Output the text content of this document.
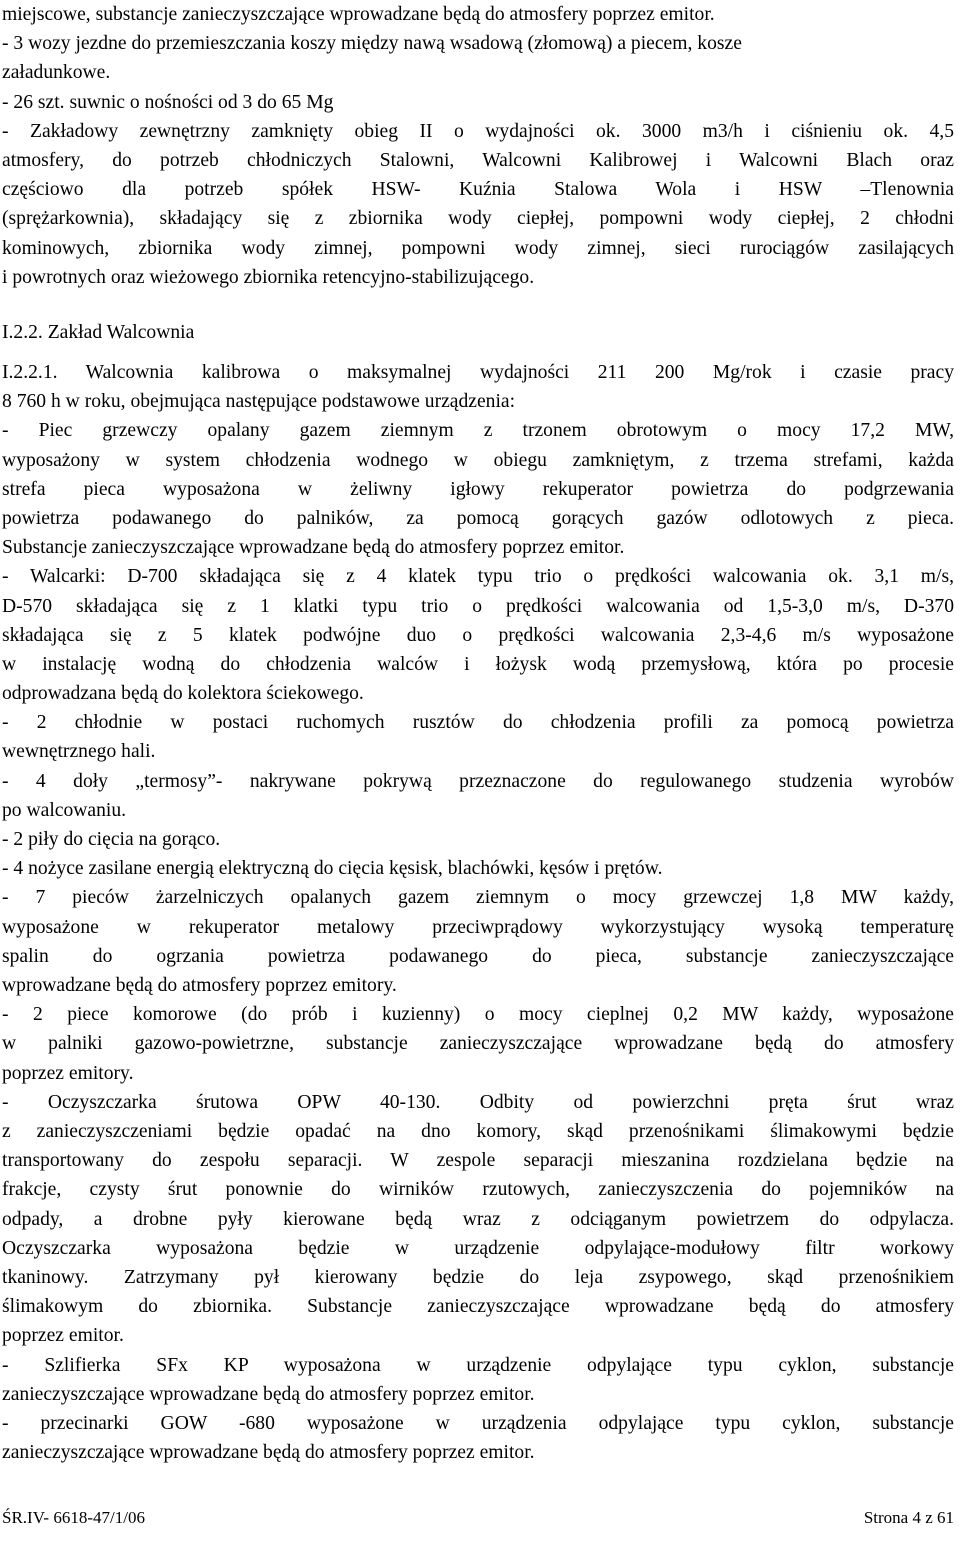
miejscowe, substancje zanieczyszczające wprowadzane będą do atmosfery poprzez emitor.
- 3 wozy jezdne do przemieszczania koszy między nawą wsadową (złomową) a piecem, kosze
załadunkowe.
- 26 szt. suwnic o nośności od 3 do 65 Mg
- Zakładowy zewnętrzny zamknięty obieg II o wydajności ok. 3000 m3/h i ciśnieniu ok. 4,5
atmosfery, do potrzeb chłodniczych Stalowni, Walcowni Kalibrowej i Walcowni Blach oraz
częściowo dla potrzeb spółek HSW- Kuźnia Stalowa Wola i HSW –Tlenownia
(sprężarkownia), składający się z zbiornika wody ciepłej, pompowni wody ciepłej, 2 chłodni
kominowych, zbiornika wody zimnej, pompowni wody zimnej, sieci rurociągów zasilających
i powrotnych oraz wieżowego zbiornika retencyjno-stabilizującego.
I.2.2. Zakład Walcownia
I.2.2.1. Walcownia kalibrowa o maksymalnej wydajności 211 200 Mg/rok i czasie pracy
8 760 h w roku, obejmująca następujące podstawowe urządzenia:
- Piec grzewczy opalany gazem ziemnym z trzonem obrotowym o mocy 17,2 MW,
wyposażony w system chłodzenia wodnego w obiegu zamkniętym, z trzema strefami, każda
strefa pieca wyposażona w żeliwny igłowy rekuperator powietrza do podgrzewania
powietrza podawanego do palników, za pomocą gorących gazów odlotowych z pieca.
Substancje zanieczyszczające wprowadzane będą do atmosfery poprzez emitor.
- Walcarki: D-700 składająca się z 4 klatek typu trio o prędkości walcowania ok. 3,1 m/s,
D-570 składająca się z 1 klatki typu trio o prędkości walcowania od 1,5-3,0 m/s, D-370
składająca się z 5 klatek podwójne duo o prędkości walcowania 2,3-4,6 m/s wyposażone
w instalację wodną do chłodzenia walców i łożysk wodą przemysłową, która po procesie
odprowadzana będą do kolektora ściekowego.
- 2 chłodnie w postaci ruchomych rusztów do chłodzenia profili za pomocą powietrza
wewnętrznego hali.
- 4 doły „termosy”- nakrywane pokrywą przeznaczone do regulowanego studzenia wyrobów
po walcowaniu.
- 2 piły do cięcia na gorąco.
- 4 nożyce zasilane energią elektryczną do cięcia kęsisk, blachówki, kęsów i prętów.
- 7 pieców żarzelniczych opalanych gazem ziemnym o mocy grzewczej 1,8 MW każdy,
wyposażone w rekuperator metalowy przeciwprądowy wykorzystujący wysoką temperaturę
spalin do ogrzania powietrza podawanego do pieca, substancje zanieczyszczające
wprowadzane będą do atmosfery poprzez emitory.
- 2 piece komorowe (do prób i kuzienny) o mocy cieplnej 0,2 MW każdy, wyposażone
w palniki gazowo-powietrzne, substancje zanieczyszczające wprowadzane będą do atmosfery
poprzez emitory.
- Oczyszczarka śrutowa OPW 40-130. Odbity od powierzchni pręta śrut wraz
z zanieczyszczeniami będzie opadać na dno komory, skąd przenośnikami ślimakowymi będzie
transportowany do zespołu separacji. W zespole separacji mieszanina rozdzielana będzie na
frakcje, czysty śrut ponownie do wirników rzutowych, zanieczyszczenia do pojemników na
odpady, a drobne pyły kierowane będą wraz z odciąganym powietrzem do odpylacza.
Oczyszczarka wyposażona będzie w urządzenie odpylające-modułowy filtr workowy
tkaninowy. Zatrzymany pył kierowany będzie do leja zsypowego, skąd przenośnikiem
ślimakowym do zbiornika. Substancje zanieczyszczające wprowadzane będą do atmosfery
poprzez emitor.
- Szlifierka SFx KP wyposażona w urządzenie odpylające typu cyklon, substancje
zanieczyszczające wprowadzane będą do atmosfery poprzez emitor.
- przecinarki GOW -680 wyposażone w urządzenia odpylające typu cyklon, substancje
zanieczyszczające wprowadzane będą do atmosfery poprzez emitor.
ŚR.IV- 6618-47/1/06	Strona 4 z 61
